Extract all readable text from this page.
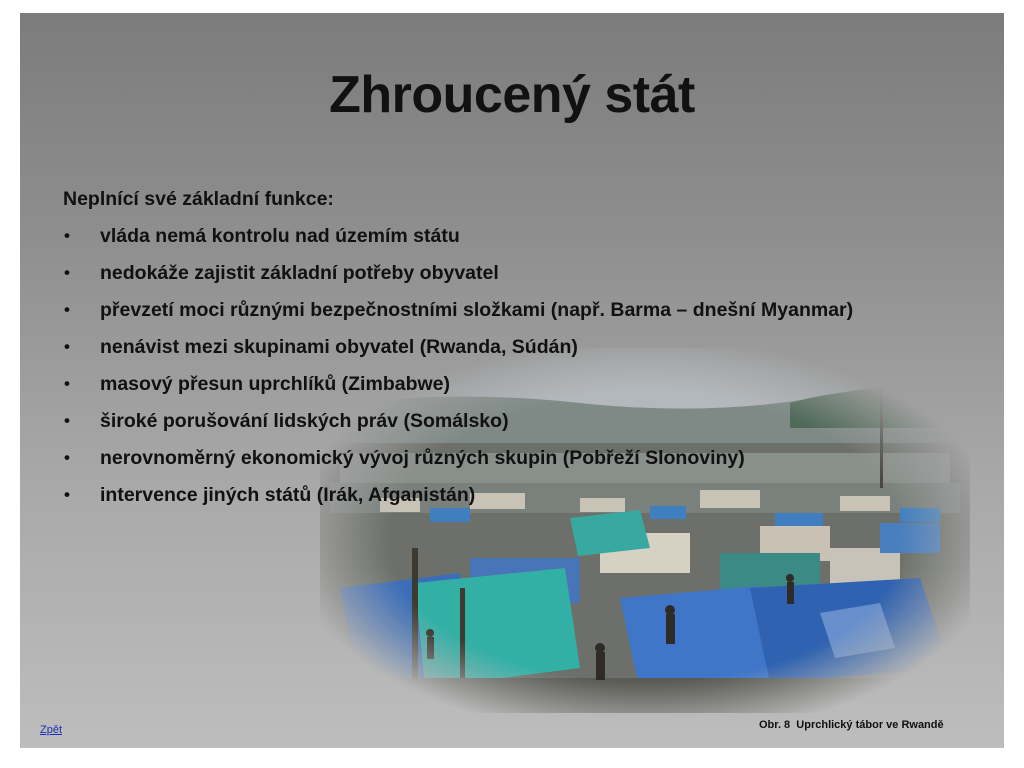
Zhroucený stát
Neplnící své základní funkce:
• vláda nemá kontrolu nad územím státu
• nedokáže zajistit základní potřeby obyvatel
• převzetí moci různými bezpečnostními složkami (např. Barma – dnešní Myanmar)
• nenávist mezi skupinami obyvatel (Rwanda, Súdán)
• masový přesun uprchlíků (Zimbabwe)
• široké porušování lidských práv (Somálsko)
• nerovnoměrný ekonomický vývoj různých skupin (Pobřeží Slonoviny)
• intervence jiných států (Irák, Afganistán)
Obr. 8  Uprchlický tábor ve Rwandě
Zpět
